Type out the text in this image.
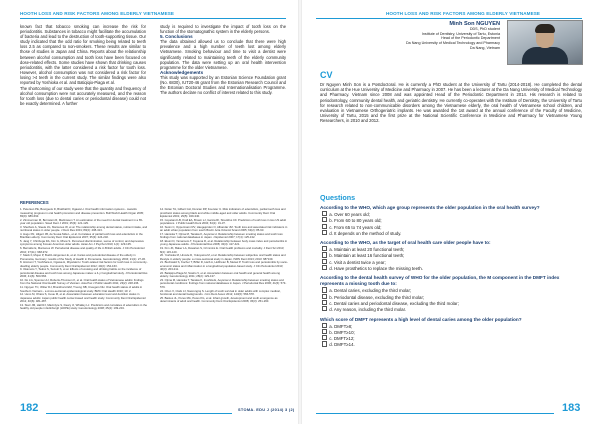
HOOTH LOSS AND RISK FACTORS AMONG ELDERLY VIETNAMESE

known fact that tobacco smoking can increase the risk for periodontitis. Substances in tobacco might facilitate the accumulation of bacteria and lead to the destruction of tooth-supporting tissue. Our study indicated that the odd ratio for smoking being related to teeth loss 2.5 as compared to non-smokers. These results are similar to those of studies in Japan and China. Reports about the relationship between alcohol consumption and tooth loss have been focused on dose-related effects. Some studies have shown that drinking causes periodontitis, with the latter considered a risk factor for tooth loss. However, alcohol consumption was not considered a risk factor for losing >4 teeth in the current study. The similar findings were also reported by Yoshioka et al. and Batiqiqio-Piaga et al.

The shortcoming of our study were that the quantity and frequency of alcohol consumption were not accurately measured, and the reason for tooth loss (due to dental caries or periodontal disease) could not be exactly determined. A further

study is required to investigate the impact of tooth loss on the function of the stomatognathic system in the elderly persons.

5. Conclusions

The data obtained allowed us to conclude that there were high prevalence and a high number of teeth lost among elderly Vietnamese. Smoking behaviour and time to visit a dentist were significantly related to maintaining teeth of the elderly community population. The data were setting up an oral health intervention programme for the older Vietnamese.

Acknowledgements

This study was supported by an Estonian Science Foundation grant (No. 6830), IUT20-46 grant from the Estonian Research Council and the Estonian Doctoral Studies and Internationalisation Programme. The authors declare no conflict of interest related to this study.

REFERENCES

1. Petersen PE, Bourgeois D, Bratthall D, Ogawa H. Oral health information systems - towards measuring progress in oral health promotion and disease prevention. Bull World Health Organ 2005; 83(9): 686-693.

2. Zimmerman M, Bornstein R, Martinsson T. An estimation of the need for dental treatment in a 65-year old population. Swed Dent J 2001; 25(3): 121-129.

3. Sheiham A, Steele JG, Marcenes W, et al. The relationship among dental status, nutrient intake, and nutritional status in older people. J Dent Res 2001; 80(2): 408-413.

4. Hugo FN, Hilgert JB, de Sousa Mda L, et al. Correlates of partial tooth loss and edentulism in the Brazilian elderly. Community Dent Oral Epidemiol 2007; 35(3): 224-232.

5. Jang Y, Chiriboga DA, Kim G, Rhew S. Perceived discrimination, sense of control, and depressive symptoms among Korean American older adults. Asian Am J Psychol 2010; 1(2): 129-135.

6. Bernabé E, Marcenes W. Periodontal disease and quality of life in British adults. J Clin Periodontol 2010; 37(11): 968-972.

7. Mack F, Mojon P, Budtz-Jørgensen E, et al. Caries and periodontal disease of the elderly in Pomerania, Germany: results of the Study of Health in Pomerania. Gerodontology 2004; 21(1): 27-36.

8. Hirotomi T, Yoshihara A, Ogawa H, Miyazaki H. Tooth-related risk factors for tooth loss in community-dwelling elderly people. Community Dent Oral Epidemiol 2012; 40(2): 154-163.

9. Okamoto Y, Tsuboi S, Suzuki S, et al. Effects of smoking and drinking habits on the incidence of periodontal disease and tooth loss among Japanese males: a 4-yr longitudinal study. J Periodontal Res 2006; 41(6): 560-566.

10. Do LG, Spencer AJ, Roberts-Thomson K, et al. Oral health status of Vietnamese adults: findings from the National Oral Health Survey of Vietnam. Asia Pac J Public Health 2011; 23(2): 228-236.

11. Nguyen TC, Witter DJ, Bronkhorst EM, Truong NB, Creugers NH. Oral health status of adults in Southern Vietnam - a cross-sectional epidemiological study. BMC Oral Health 2010; 10: 2.

12. Ueno M, Ohara S, Inoue M, et al. Association between education level and dentition status in Japanese adults: Japan public health center-based oral health study. Community Dent Oral Epidemiol 2012; 40(6): 481-487.

13. Starr JM, Hall RJ, Macintyre S, Deary IJ, Whalley LJ. Predictors and correlates of edentulism in the healthy old people in Edinburgh (HOPE) study. Gerodontology 2008; 25(4): 199-204.

14. Dolan TA, Gilbert GH, Duncan RP, Foerster U. Risk indicators of edentulism, partial tooth loss and prosthetic status among black and white middle-aged and older adults. Community Dent Oral Epidemiol 2001; 29(5): 329-340.

15. Copeland LB, Krall EA, Brown LJ, Garcia RI, Streckfus CF. Predictors of tooth loss in two US adult populations. J Public Health Dent 2004; 64(1): 31-37.

16. Susin C, Oppermann RV, Haugejorden O, Albandar JM. Tooth loss and associated risk indicators in an adult urban population from south Brazil. Acta Odontol Scand 2005; 63(2): 85-93.

17. Hanioka T, Ojima M, Tanaka K, Aoyama H. Relationship between smoking status and tooth loss: findings from national databases in Japan. J Epidemiol 2007; 17(4): 125-132.

18. Ekuni D, Yamamoto T, Koyama R, et al. Relationship between body mass index and periodontitis in young Japanese adults. J Periodontal Res 2008; 43(4): 417-421.

19. Kim JK, Baker LA, Davarian S, Crimmins E. Oral health problems and mortality. J Dent Sci 2013; 8(2): 115-120.

20. Yoshioka M, Hinode D, Yokoyama M, et al. Relationship between subjective oral health status and lifestyle in elderly people: a cross-sectional study in Japan. ISRN Dent 2013; 2013: 687139.

21. Buchwald S, Kocher T, Biffar R, Harb A, Holtfreter B, Meisel P. Tooth loss and periodontitis by socio-economic status and inflammation in a longitudinal population-based study. J Clin Periodontol 2013; 40(3): 203-211.

22. Batiqiqio-Piaga M, Scalco V, et al. Association between oral health and general health among elderly. Gerodontology 2011; 28(2): 129-137.

23. Ojima M, Hanioka T, Tanaka K, Inoshita E, Aoyama H. Relationship between smoking status and periodontal conditions: findings from national databases in Japan. J Periodontal Res 2006; 41(6): 573-579.

24. Chen X, Clark JJ, Naorungroj S. Length of tooth survival in older adults with complex medical, functional and dental backgrounds. J Am Dent Assoc 2012; 143(6): 566-578.

25. Bastos JL, Peres MA, Peres KG, et al. Infant growth, development and tooth emergence as determinants of adult oral health. Community Dent Oral Epidemiol 2008; 36(3): 251-260.

182	STOMA. EDU J (2014) 3 (2)
HOOTH LOSS AND RISK FACTORS AMONG ELDERLY VIETNAMESE
Minh Son NGUYEN
DDS, PhD student
Institute of Dentistry, University of Tartu, Estonia
Head of the Periodontic Department
Da Nang University of Medical Technology and Pharmacy
Da Nang, Vietnam
CV
Dr Nguyen Minh Son is a Postdoctoral. He is currently a PhD student at the University of Tartu (2014-2018). He completed the dental curriculum at the Hue University of Medicine and Pharmacy in 2007. He has been a lecturer at the Da Nang University of Medical Technology and Pharmacy. Vietnam since 2008 and was appointed Head of the Periodontic Department in 2014. His research is related to periodontology, community dental health, and geriatric dentistry. He currently co-operates with the Institute of Dentistry, the University of Tartu for research related to non-communicable disorders among the Vietnamese elderly, the oral health of Vietnamese school children, and evaluation in Vietnamese Orthogeriatric implants. He was awarded the 1st award at the annual conference of the Faculty of Medicine, University of Tartu, 2015 and the first prize at the National Scientific Conference in Medicine and Pharmacy for Vietnamese Young Researchers, in 2010 and 2012.
Questions

According to the WHO, which age group represents the older population in the oral health survey?

a. Over 60 years old;

b. From 60 to 80 years old;

c. From 65 to 74 years old;

d. It depends on the method of study.

According to the WHO, as the target of oral health care older people have to:

a. Maintain at least 20 functional teeth;

b. Maintain at least 16 functional teeth;

c. Visit a dentist twice a year;

d. Have prosthetics to replace the missing teeth.

According to the dental health survey of WHO for the older population, the M component in the DMFT index represents a missing tooth due to:

a. Dental caries, excluding the third molar;

b. Periodontal disease, excluding the third molar;

c. Dental caries and periodontal disease, excluding the third molar;

d. Any reason, including the third molar.

Which score of DMFT represents a high level of dental caries among the older population?

a. DMFT≥8;

b. DMFT≥10;

c. DMFT≥12;

d. DMFT≥14.

183
